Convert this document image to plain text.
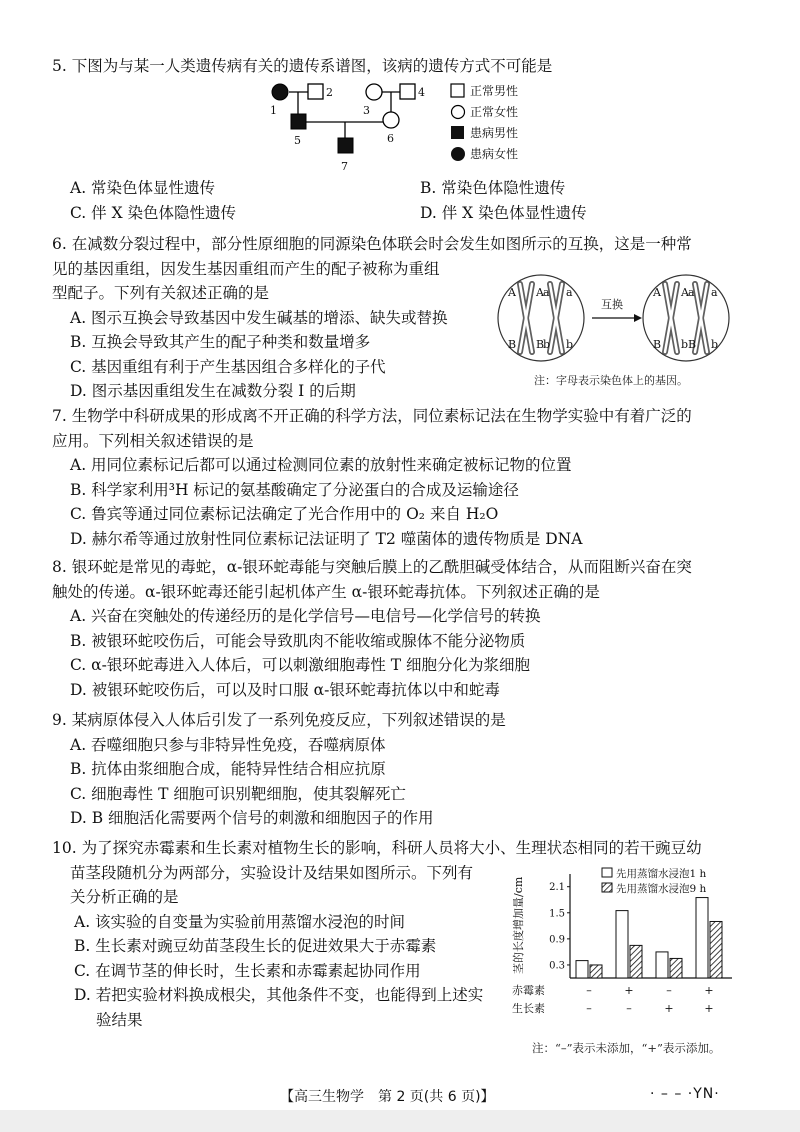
5. 下图为与某一人类遗传病有关的遗传系谱图，该病的遗传方式不可能是
1
2
3
4
5	6
7
正常男性
正常女性
患病男性
患病女性
A. 常染色体显性遗传	B. 常染色体隐性遗传
C. 伴 X 染色体隐性遗传	D. 伴 X 染色体显性遗传
6. 在减数分裂过程中，部分性原细胞的同源染色体联会时会发生如图所示的互换，这是一种常
见的基因重组，因发生基因重组而产生的配子被称为重组
型配子。下列有关叙述正确的是
A. 图示互换会导致基因中发生碱基的增添、缺失或替换
B. 互换会导致其产生的配子种类和数量增多
C. 基因重组有利于产生基因组合多样化的子代
D. 图示基因重组发生在减数分裂 Ⅰ 的后期
A A a a
B B
b b
A A a a
B b B b
互换
注：字母表示染色体上的基因。
7. 生物学中科研成果的形成离不开正确的科学方法，同位素标记法在生物学实验中有着广泛的
应用。下列相关叙述错误的是
A. 用同位素标记后都可以通过检测同位素的放射性来确定被标记物的位置
B. 科学家利用³H 标记的氨基酸确定了分泌蛋白的合成及运输途径
C. 鲁宾等通过同位素标记法确定了光合作用中的 O₂ 来自 H₂O
D. 赫尔希等通过放射性同位素标记法证明了 T2 噬菌体的遗传物质是 DNA
8. 银环蛇是常见的毒蛇，α-银环蛇毒能与突触后膜上的乙酰胆碱受体结合，从而阻断兴奋在突
触处的传递。α-银环蛇毒还能引起机体产生 α-银环蛇毒抗体。下列叙述正确的是
A. 兴奋在突触处的传递经历的是化学信号—电信号—化学信号的转换
B. 被银环蛇咬伤后，可能会导致肌肉不能收缩或腺体不能分泌物质
C. α-银环蛇毒进入人体后，可以刺激细胞毒性 T 细胞分化为浆细胞
D. 被银环蛇咬伤后，可以及时口服 α-银环蛇毒抗体以中和蛇毒
9. 某病原体侵入人体后引发了一系列免疫反应，下列叙述错误的是
A. 吞噬细胞只参与非特异性免疫，吞噬病原体
B. 抗体由浆细胞合成，能特异性结合相应抗原
C. 细胞毒性 T 细胞可识别靶细胞，使其裂解死亡
D. B 细胞活化需要两个信号的刺激和细胞因子的作用
10. 为了探究赤霉素和生长素对植物生长的影响，科研人员将大小、生理状态相同的若干豌豆幼
苗茎段随机分为两部分，实验设计及结果如图所示。下列有
关分析正确的是
A. 该实验的自变量为实验前用蒸馏水浸泡的时间
B. 生长素对豌豆幼苗茎段生长的促进效果大于赤霉素
C. 在调节茎的伸长时，生长素和赤霉素起协同作用
D. 若把实验材料换成根尖，其他条件不变，也能得到上述实
验结果
茎的长度增加量/cm 0.3
0.9
1.5
2.1
先用蒸馏水浸泡1 h
先用蒸馏水浸泡9 h
赤霉素
生长素
–
–
+
–
–
+
+
+
注：“–”表示未添加，“+”表示添加。
【高三生物学　第 2 页(共 6 页)】	· – – ·YN·
